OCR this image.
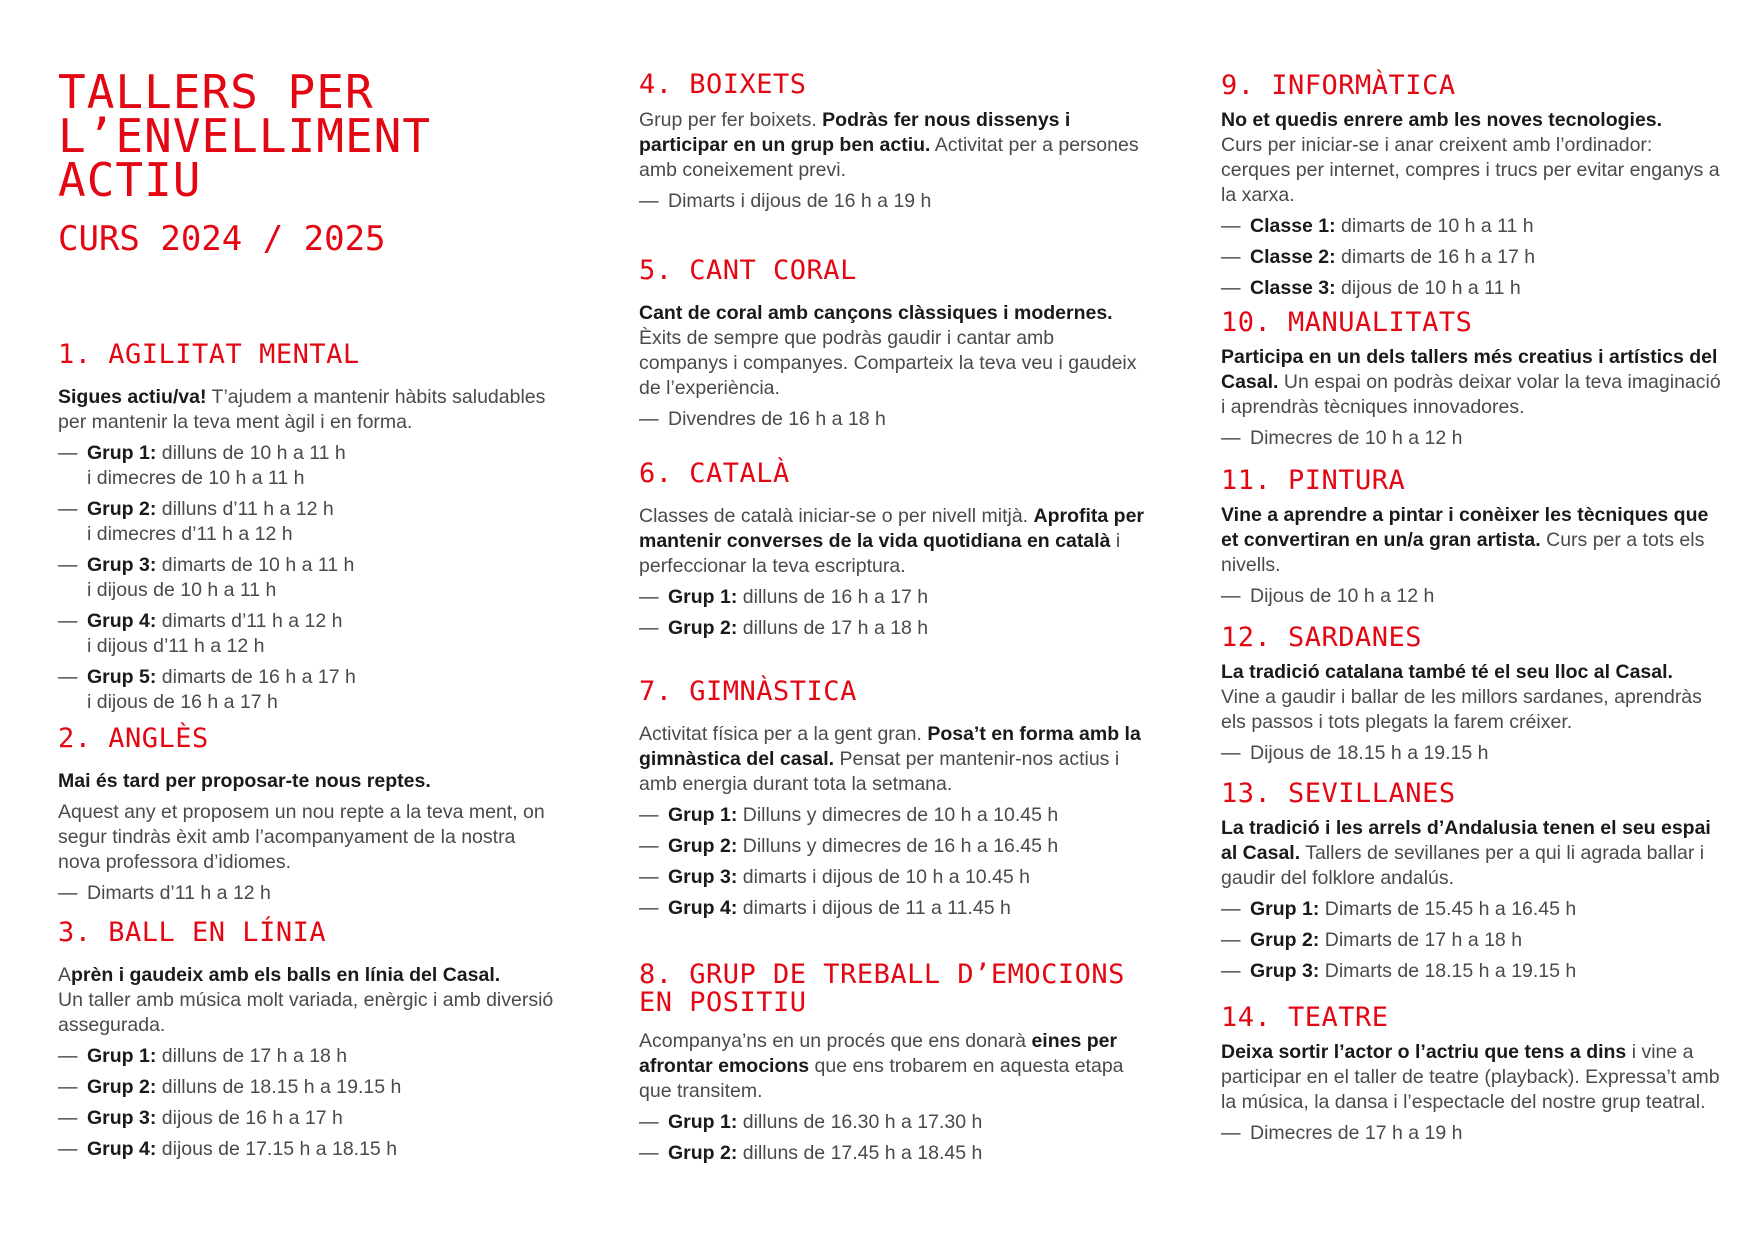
TALLERS PER
L’ENVELLIMENT
ACTIU
CURS 2024 / 2025
1. AGILITAT MENTAL

Sigues actiu/va! T’ajudem a mantenir hàbits saludables per mantenir la teva ment àgil i en forma.

— Grup 1: dilluns de 10 h a 11 h
i dimecres de 10 h a 11 h
— Grup 2: dilluns d’11 h a 12 h
i dimecres d’11 h a 12 h
— Grup 3: dimarts de 10 h a 11 h
i dijous de 10 h a 11 h
— Grup 4: dimarts d’11 h a 12 h
i dijous d’11 h a 12 h
— Grup 5: dimarts de 16 h a 17 h
i dijous de 16 h a 17 h
2. ANGLÈS

Mai és tard per proposar-te nous reptes.
Aquest any et proposem un nou repte a la teva ment, on segur tindràs èxit amb l’acompanyament de la nostra nova professora d’idiomes.

— Dimarts d’11 h a 12 h
3. BALL EN LÍNIA

Aprèn i gaudeix amb els balls en línia del Casal.
Un taller amb música molt variada, enèrgic i amb diversió assegurada.

— Grup 1: dilluns de 17 h a 18 h
— Grup 2: dilluns de 18.15 h a 19.15 h
— Grup 3: dijous de 16 h a 17 h
— Grup 4: dijous de 17.15 h a 18.15 h
4. BOIXETS

Grup per fer boixets. Podràs fer nous dissenys i participar en un grup ben actiu. Activitat per a persones amb coneixement previ.

— Dimarts i dijous de 16 h a 19 h
5. CANT CORAL

Cant de coral amb cançons clàssiques i modernes.
Èxits de sempre que podràs gaudir i cantar amb companys i companyes. Comparteix la teva veu i gaudeix de l’experiència.

— Divendres de 16 h a 18 h
6. CATALÀ

Classes de català iniciar-se o per nivell mitjà. Aprofita per mantenir converses de la vida quotidiana en català i perfeccionar la teva escriptura.

— Grup 1: dilluns de 16 h a 17 h
— Grup 2: dilluns de 17 h a 18 h
7. GIMNÀSTICA

Activitat física per a la gent gran. Posa’t en forma amb la gimnàstica del casal. Pensat per mantenir-nos actius i amb energia durant tota la setmana.

— Grup 1: Dilluns y dimecres de 10 h a 10.45 h
— Grup 2: Dilluns y dimecres de 16 h a 16.45 h
— Grup 3: dimarts i dijous de 10 h a 10.45 h
— Grup 4: dimarts i dijous de 11 a 11.45 h
8. GRUP DE TREBALL D’EMOCIONS EN POSITIU

Acompanya’ns en un procés que ens donarà eines per afrontar emocions que ens trobarem en aquesta etapa que transitem.

— Grup 1: dilluns de 16.30 h a 17.30 h
— Grup 2: dilluns de 17.45 h a 18.45 h
9. INFORMÀTICA

No et quedis enrere amb les noves tecnologies.
Curs per iniciar-se i anar creixent amb l’ordinador: cerques per internet, compres i trucs per evitar enganys a la xarxa.

— Classe 1: dimarts de 10 h a 11 h
— Classe 2: dimarts de 16 h a 17 h
— Classe 3: dijous de 10 h a 11 h
10. MANUALITATS

Participa en un dels tallers més creatius i artístics del Casal. Un espai on podràs deixar volar la teva imaginació i aprendràs tècniques innovadores.

— Dimecres de 10 h a 12 h
11. PINTURA

Vine a aprendre a pintar i conèixer les tècniques que et convertiran en un/a gran artista. Curs per a tots els nivells.

— Dijous de 10 h a 12 h
12. SARDANES

La tradició catalana també té el seu lloc al Casal.
Vine a gaudir i ballar de les millors sardanes, aprendràs els passos i tots plegats la farem créixer.

— Dijous de 18.15 h a 19.15 h
13. SEVILLANES

La tradició i les arrels d’Andalusia tenen el seu espai al Casal. Tallers de sevillanes per a qui li agrada ballar i gaudir del folklore andalús.

— Grup 1: Dimarts de 15.45 h a 16.45 h
— Grup 2: Dimarts de 17 h a 18 h
— Grup 3: Dimarts de 18.15 h a 19.15 h
14. TEATRE

Deixa sortir l’actor o l’actriu que tens a dins i vine a participar en el taller de teatre (playback). Expressa’t amb la música, la dansa i l’espectacle del nostre grup teatral.

— Dimecres de 17 h a 19 h
